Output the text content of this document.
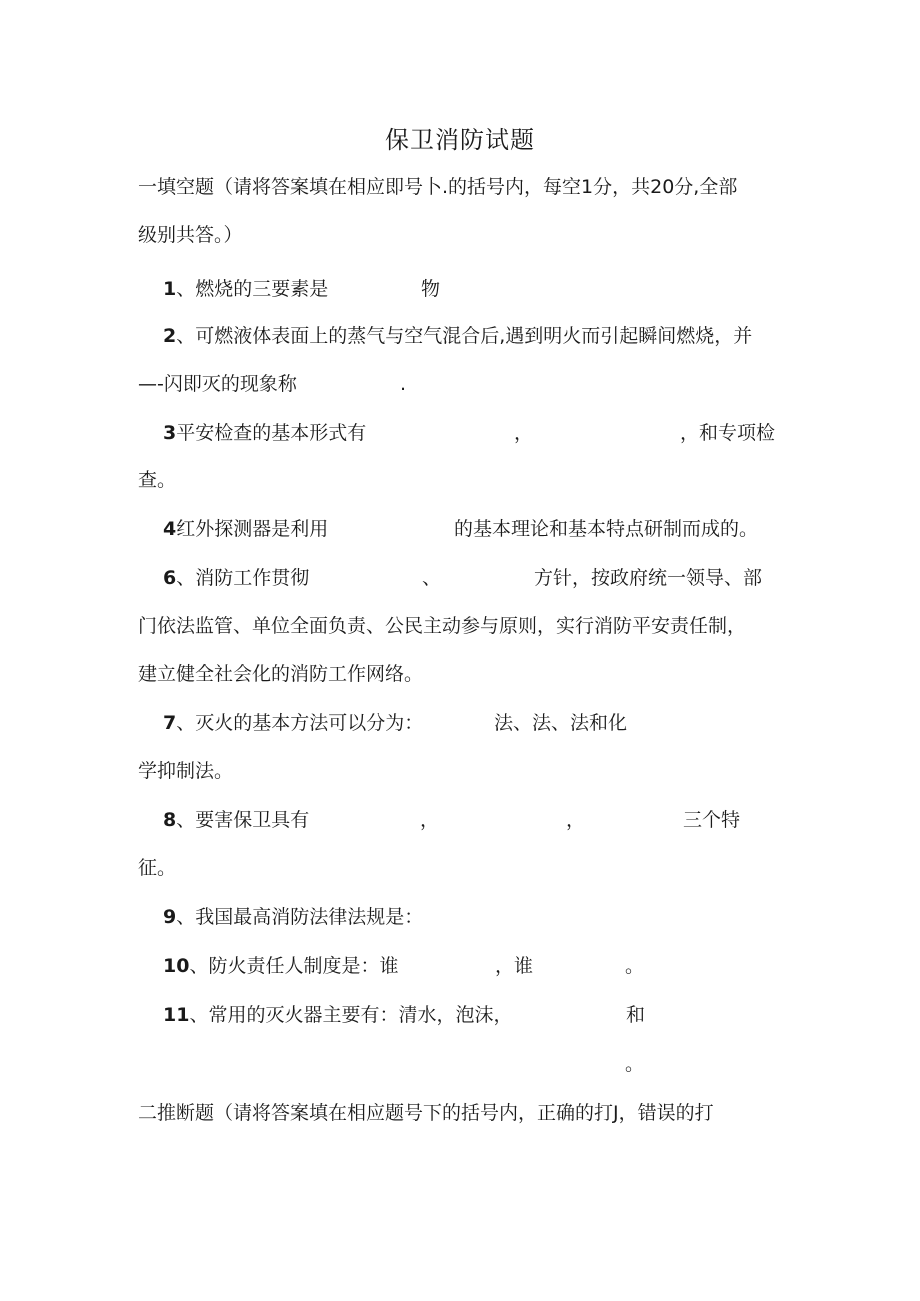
保卫消防试题
一填空题（请将答案填在相应即号卜.的括号内，每空1分，共20分,全部
级别共答。）
1、燃烧的三要素是	物
2、可燃液体表面上的蒸气与空气混合后,遇到明火而引起瞬间燃烧，并
—-闪即灭的现象称	.
3平安检查的基本形式有	，	，和专项检
查。
4红外探测器是利用	的基本理论和基本特点研制而成的。
6、消防工作贯彻	、	方针，按政府统一领导、部
门依法监管、单位全面负责、公民主动参与原则，实行消防平安责任制，
建立健全社会化的消防工作网络。
7、灭火的基本方法可以分为：	法、法、法和化
学抑制法。
8、要害保卫具有	，	，	三个特
征。
9、我国最高消防法律法规是：
10、防火责任人制度是：谁	，谁	。
11、常用的灭火器主要有：清水，泡沫，	和
。
二推断题（请将答案填在相应题号下的括号内，正确的打J，错误的打
